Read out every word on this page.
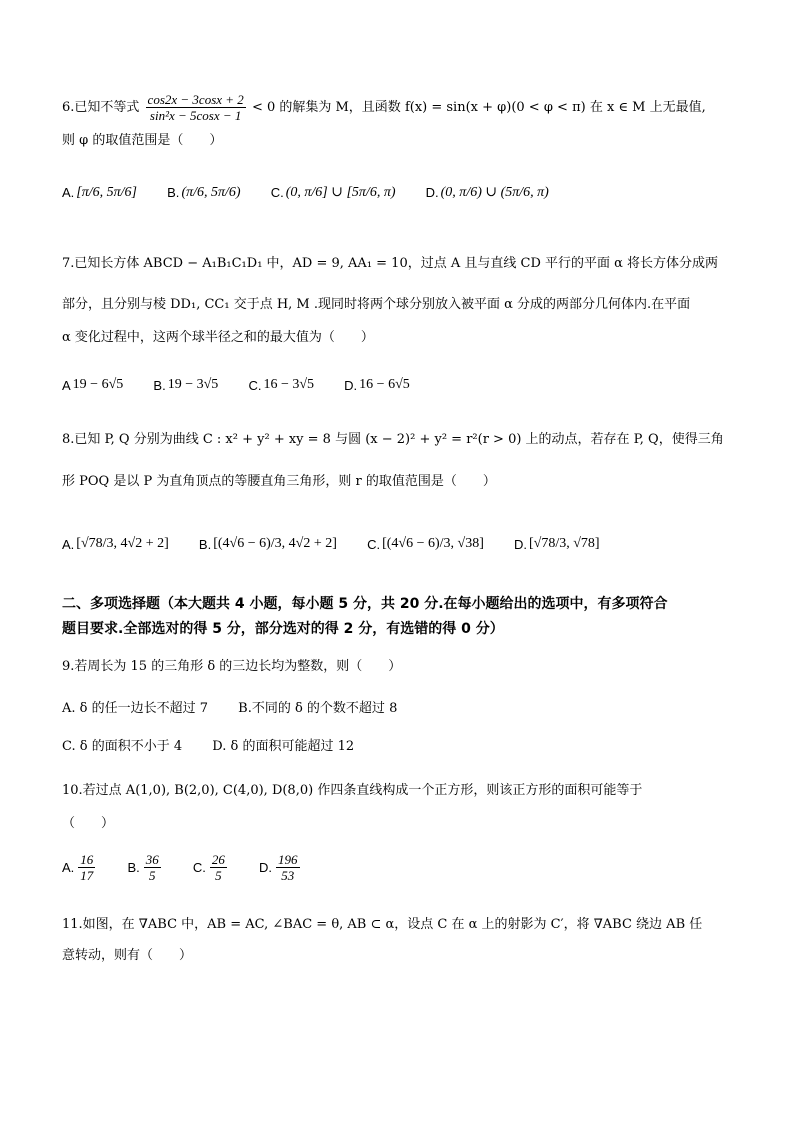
6.已知不等式 $\frac{\cos 2x - 3\cos x + 2}{\text{sin²x − 5cosx − 1}} < 0$ 的解集为 M，且函数 f(x) = sin(x + φ)(0 < φ < π) 在 x ∈ M 上无最值,
则 φ 的取值范围是（　　）
A. [π/6, 5π/6]
B. (π/6, 5π/6)
C. (0, π/6] ∪ [5π/6, π)
D. (0, π/6) ∪ (5π/6, π)
7.已知长方体 ABCD − A₁B₁C₁D₁ 中，AD = 9, AA₁ = 10，过点 A 且与直线 CD 平行的平面 α 将长方体分成两
部分，且分别与棱 DD₁, CC₁ 交于点 H, M .现同时将两个球分别放入被平面 α 分成的两部分几何体内.在平面
α 变化过程中，这两个球半径之和的最大值为（　　）
A 19 − 6√5
B. 19 − 3√5
C. 16 − 3√5
D. 16 − 6√5
8.已知 P, Q 分别为曲线 C : x² + y² + xy = 8 与圆 (x − 2)² + y² = r²(r > 0) 上的动点，若存在 P, Q，使得三角
形 POQ 是以 P 为直角顶点的等腰直角三角形，则 r 的取值范围是（　　）
A. [√78/3, 4√2 + 2]
B. [(4√6 − 6)/3, 4√2 + 2]
C. [(4√6 − 6)/3, √38]
D. [√78/3, √78]
二、多项选择题（本大题共 4 小题，每小题 5 分，共 20 分.在每小题给出的选项中，有多项符合
题目要求.全部选对的得 5 分，部分选对的得 2 分，有选错的得 0 分）
9.若周长为 15 的三角形 δ 的三边长均为整数，则（　　）
A. δ 的任一边长不超过 7 B.不同的 δ 的个数不超过 8
C. δ 的面积不小于 4 D. δ 的面积可能超过 12
10.若过点 A(1,0), B(2,0), C(4,0), D(8,0) 作四条直线构成一个正方形，则该正方形的面积可能等于
（　　）
A. $\frac{16}{17}$
B. $\frac{36}{5}$
C. $\frac{26}{5}$
D. $\frac{196}{53}$
11.如图，在 ∇ABC 中，AB = AC, ∠BAC = θ, AB ⊂ α，设点 C 在 α 上的射影为 C′，将 ∇ABC 绕边 AB 任
意转动，则有（　　）
